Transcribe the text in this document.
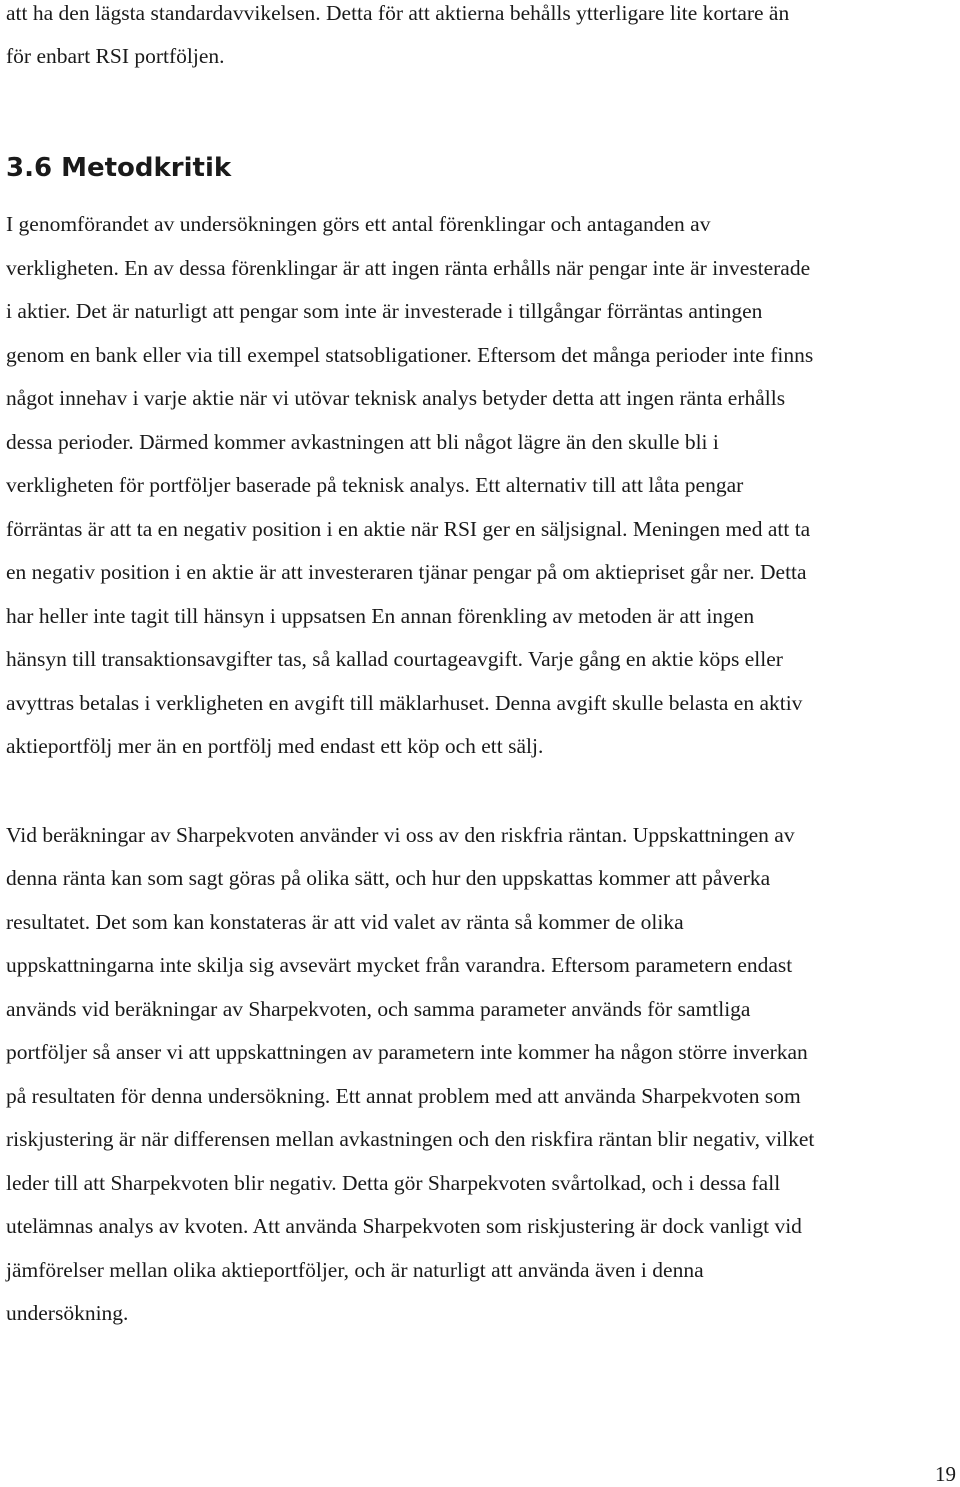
att ha den lägsta standardavvikelsen. Detta för att aktierna behålls ytterligare lite kortare än
för enbart RSI portföljen.
3.6 Metodkritik
I genomförandet av undersökningen görs ett antal förenklingar och antaganden av
verkligheten. En av dessa förenklingar är att ingen ränta erhålls när pengar inte är investerade
i aktier. Det är naturligt att pengar som inte är investerade i tillgångar förräntas antingen
genom en bank eller via till exempel statsobligationer. Eftersom det många perioder inte finns
något innehav i varje aktie när vi utövar teknisk analys betyder detta att ingen ränta erhålls
dessa perioder. Därmed kommer avkastningen att bli något lägre än den skulle bli i
verkligheten för portföljer baserade på teknisk analys. Ett alternativ till att låta pengar
förräntas är att ta en negativ position i en aktie när RSI ger en säljsignal. Meningen med att ta
en negativ position i en aktie är att investeraren tjänar pengar på om aktiepriset går ner. Detta
har heller inte tagit till hänsyn i uppsatsen En annan förenkling av metoden är att ingen
hänsyn till transaktionsavgifter tas, så kallad courtageavgift. Varje gång en aktie köps eller
avyttras betalas i verkligheten en avgift till mäklarhuset. Denna avgift skulle belasta en aktiv
aktieportfölj mer än en portfölj med endast ett köp och ett sälj.
Vid beräkningar av Sharpekvoten använder vi oss av den riskfria räntan. Uppskattningen av
denna ränta kan som sagt göras på olika sätt, och hur den uppskattas kommer att påverka
resultatet. Det som kan konstateras är att vid valet av ränta så kommer de olika
uppskattningarna inte skilja sig avsevärt mycket från varandra. Eftersom parametern endast
används vid beräkningar av Sharpekvoten, och samma parameter används för samtliga
portföljer så anser vi att uppskattningen av parametern inte kommer ha någon större inverkan
på resultaten för denna undersökning. Ett annat problem med att använda Sharpekvoten som
riskjustering är när differensen mellan avkastningen och den riskfira räntan blir negativ, vilket
leder till att Sharpekvoten blir negativ. Detta gör Sharpekvoten svårtolkad, och i dessa fall
utelämnas analys av kvoten. Att använda Sharpekvoten som riskjustering är dock vanligt vid
jämförelser mellan olika aktieportföljer, och är naturligt att använda även i denna
undersökning.
19
